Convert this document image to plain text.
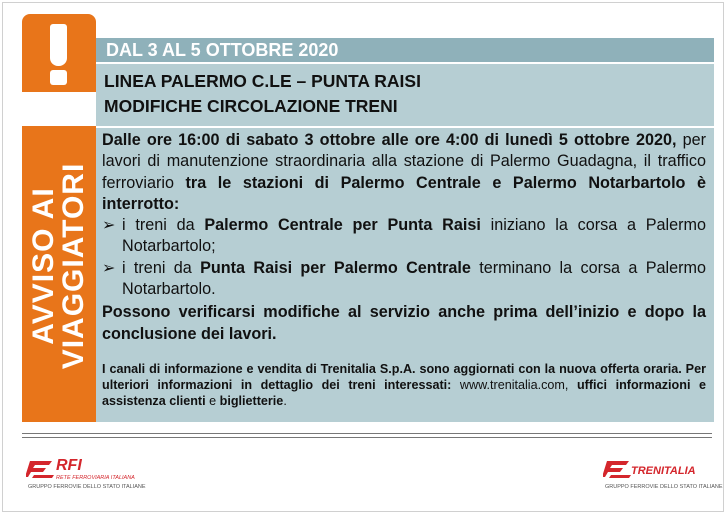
AVVISO AI
VIAGGIATORI
DAL 3 AL 5 OTTOBRE 2020
LINEA PALERMO C.LE – PUNTA RAISI
MODIFICHE CIRCOLAZIONE TRENI

Dalle ore 16:00 di sabato 3 ottobre alle ore 4:00 di lunedì 5 ottobre 2020, per lavori di manutenzione straordinaria alla stazione di Palermo Guadagna, il traffico ferroviario tra le stazioni di Palermo Centrale e Palermo Notarbartolo è interrotto:

➢ i treni da Palermo Centrale per Punta Raisi iniziano la corsa a Palermo Notarbartolo;
➢ i treni da Punta Raisi per Palermo Centrale terminano la corsa a Palermo Notarbartolo.

Possono verificarsi modifiche al servizio anche prima dell’inizio e dopo la conclusione dei lavori.

I canali di informazione e vendita di Trenitalia S.p.A. sono aggiornati con la nuova offerta oraria. Per ulteriori informazioni in dettaglio dei treni interessati: www.trenitalia.com, uffici informazioni e assistenza clienti e biglietterie.
RFI
RETE FERROVIARIA ITALIANA
GRUPPO FERROVIE DELLO STATO ITALIANE
TRENITALIA
GRUPPO FERROVIE DELLO STATO ITALIANE
